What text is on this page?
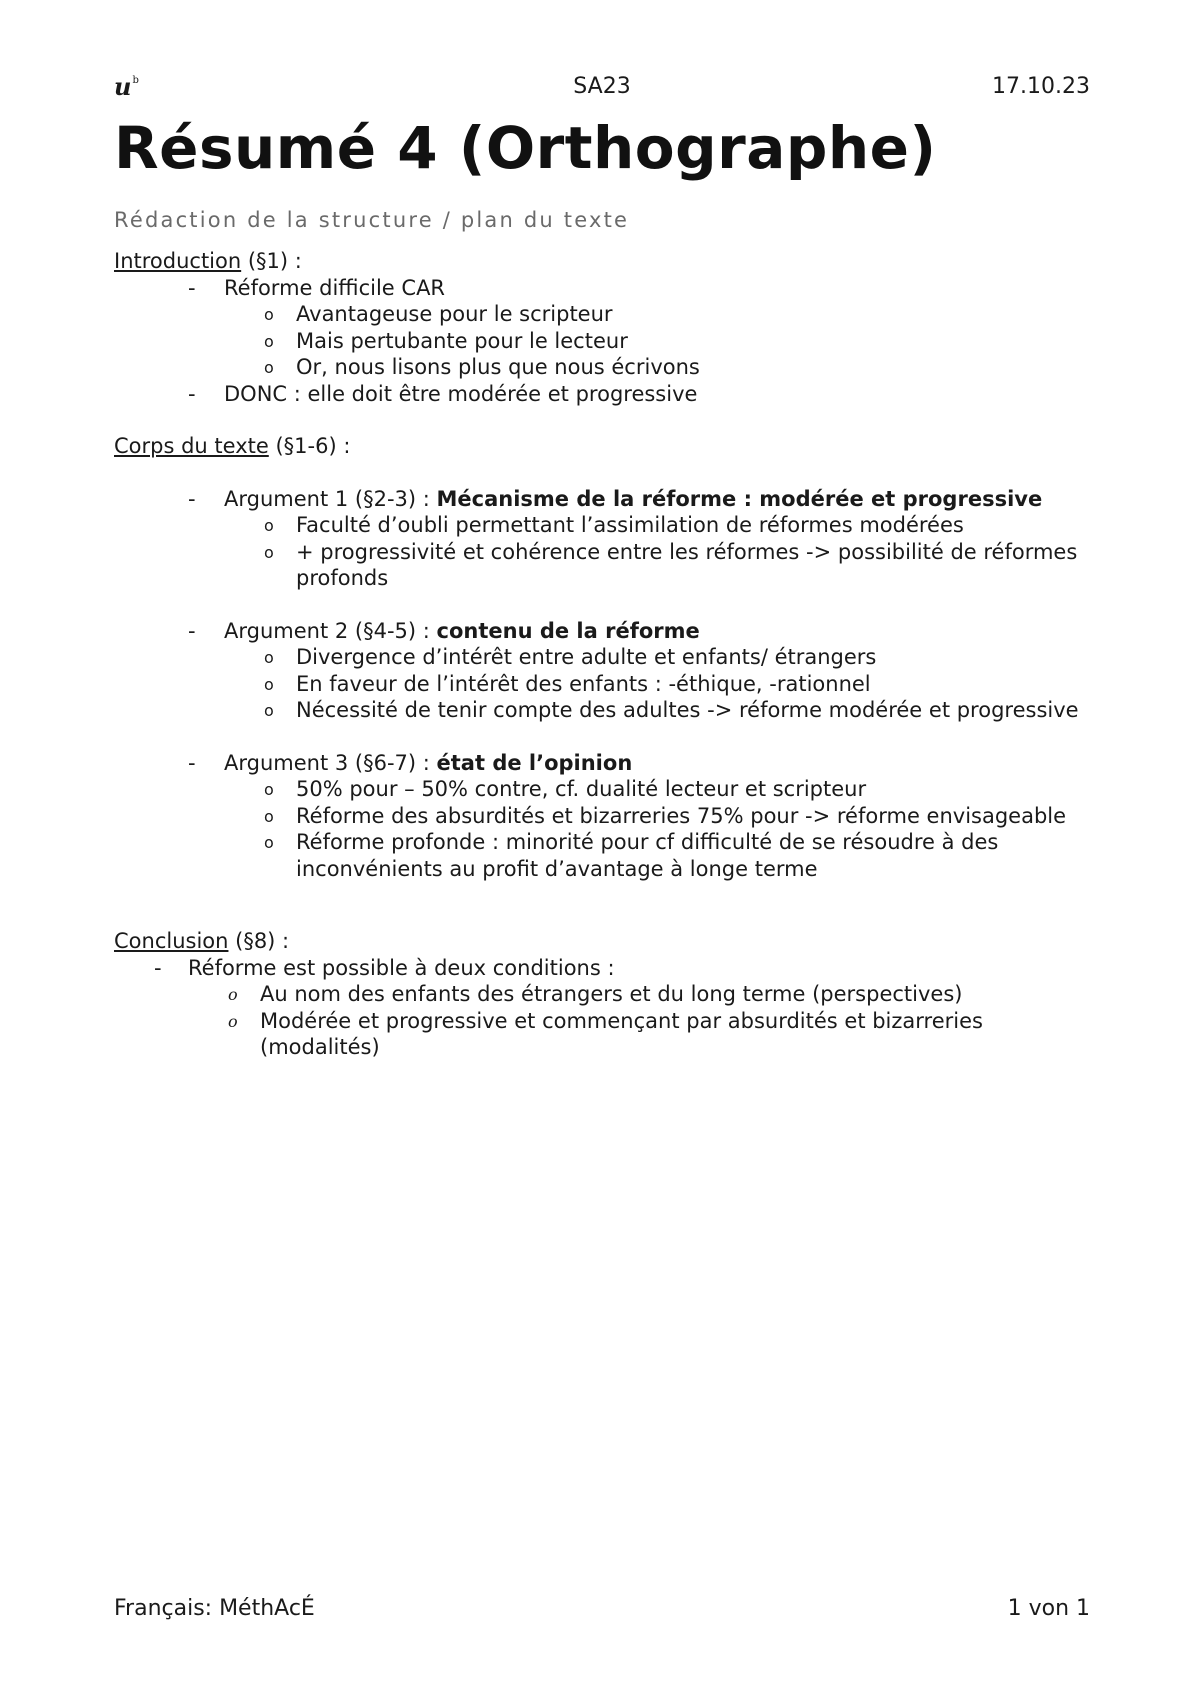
$u^b$	SA23	17.10.23
Résumé 4 (Orthographe)
Rédaction de la structure / plan du texte

Introduction (§1) :

- Réforme difficile CAR
o Avantageuse pour le scripteur
o Mais pertubante pour le lecteur
o Or, nous lisons plus que nous écrivons
- DONC : elle doit être modérée et progressive

Corps du texte (§1-6) :

- Argument 1 (§2-3) : Mécanisme de la réforme : modérée et progressive
o Faculté d’oubli permettant l’assimilation de réformes modérées
o + progressivité et cohérence entre les réformes -> possibilité de réformes profonds
- Argument 2 (§4-5) : contenu de la réforme
o Divergence d’intérêt entre adulte et enfants/ étrangers
o En faveur de l’intérêt des enfants : -éthique, -rationnel
o Nécessité de tenir compte des adultes -> réforme modérée et progressive
- Argument 3 (§6-7) : état de l’opinion
o 50% pour – 50% contre, cf. dualité lecteur et scripteur
o Réforme des absurdités et bizarreries 75% pour -> réforme envisageable
o Réforme profonde : minorité pour cf difficulté de se résoudre à des inconvénients au profit d’avantage à longe terme

Conclusion (§8) :

- Réforme est possible à deux conditions :
o Au nom des enfants des étrangers et du long terme (perspectives)
o Modérée et progressive et commençant par absurdités et bizarreries (modalités)
Français: MéthAcÉ	1 von 1
